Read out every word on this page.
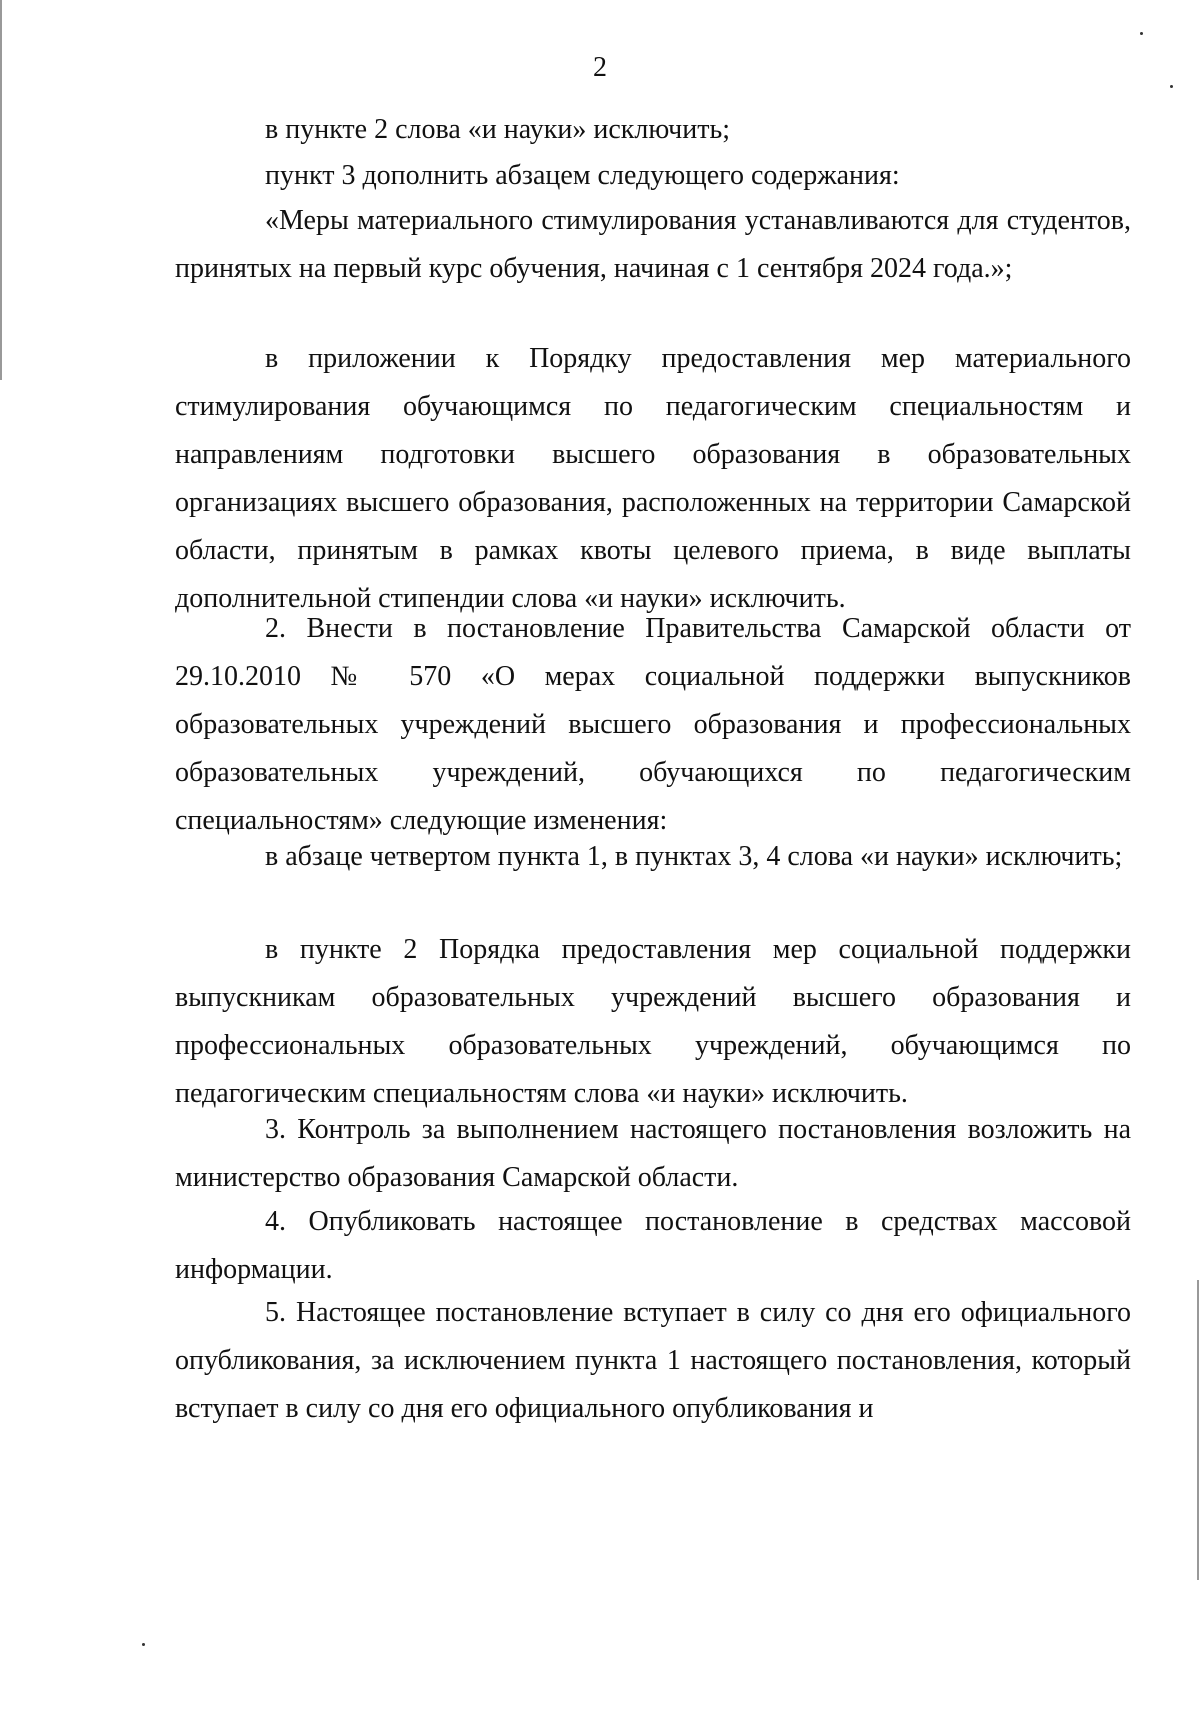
2

в пункте 2 слова «и науки» исключить;

пункт 3 дополнить абзацем следующего содержания:

«Меры материального стимулирования устанавливаются для студентов, принятых на первый курс обучения, начиная с 1 сентября 2024 года.»;

в приложении к Порядку предоставления мер материального стимулирования обучающимся по педагогическим специальностям и направлениям подготовки высшего образования в образовательных организациях высшего образования, расположенных на территории Самарской области, принятым в рамках квоты целевого приема, в виде выплаты дополнительной стипендии слова «и науки» исключить.

2. Внести в постановление Правительства Самарской области от 29.10.2010 № 570 «О мерах социальной поддержки выпускников образовательных учреждений высшего образования и профессиональных образовательных учреждений, обучающихся по педагогическим специальностям» следующие изменения:

в абзаце четвертом пункта 1, в пунктах 3, 4 слова «и науки» исключить;

в пункте 2 Порядка предоставления мер социальной поддержки выпускникам образовательных учреждений высшего образования и профессиональных образовательных учреждений, обучающимся по педагогическим специальностям слова «и науки» исключить.

3. Контроль за выполнением настоящего постановления возложить на министерство образования Самарской области.

4. Опубликовать настоящее постановление в средствах массовой информации.

5. Настоящее постановление вступает в силу со дня его официального опубликования, за исключением пункта 1 настоящего постановления, который вступает в силу со дня его официального опубликования и
